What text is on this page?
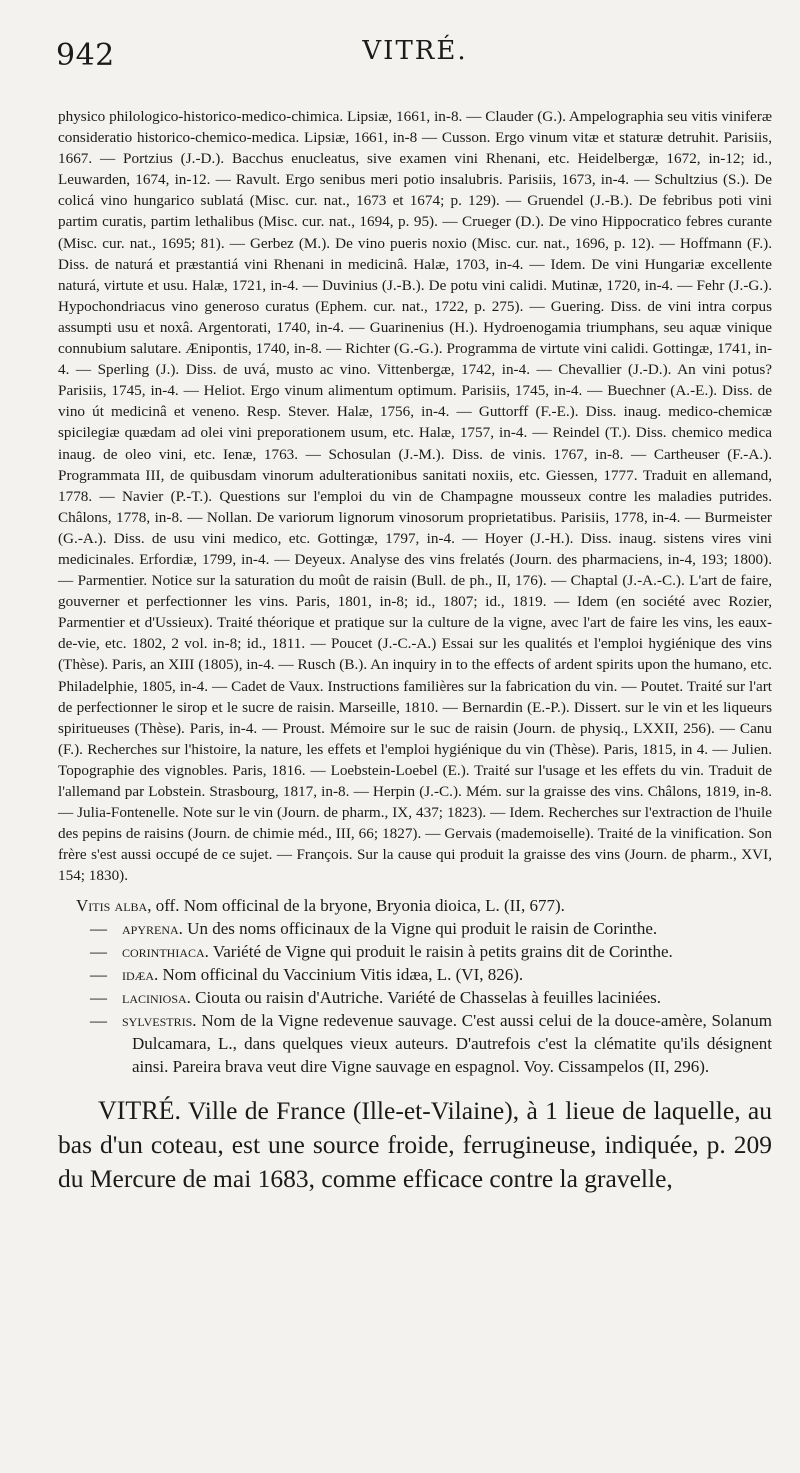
942	VITRÉ.

physico philologico-historico-medico-chimica. Lipsiæ, 1661, in-8. — Clauder (G.). Ampelographia seu vitis viniferæ consideratio historico-chemico-medica. Lipsiæ, 1661, in-8 — Cusson. Ergo vinum vitæ et staturæ detruhit. Parisiis, 1667. — Portzius (J.-D.). Bacchus enucleatus, sive examen vini Rhenani, etc. Heidelbergæ, 1672, in-12; id., Leuwarden, 1674, in-12. — Ravult. Ergo senibus meri potio insalubris. Parisiis, 1673, in-4. — Schultzius (S.). De colicá vino hungarico sublatá (Misc. cur. nat., 1673 et 1674; p. 129). — Gruendel (J.-B.). De febribus poti vini partim curatis, partim lethalibus (Misc. cur. nat., 1694, p. 95). — Crueger (D.). De vino Hippocratico febres curante (Misc. cur. nat., 1695; 81). — Gerbez (M.). De vino pueris noxio (Misc. cur. nat., 1696, p. 12). — Hoffmann (F.). Diss. de naturá et præstantiá vini Rhenani in medicinâ. Halæ, 1703, in-4. — Idem. De vini Hungariæ excellente naturá, virtute et usu. Halæ, 1721, in-4. — Duvinius (J.-B.). De potu vini calidi. Mutinæ, 1720, in-4. — Fehr (J.-G.). Hypochondriacus vino generoso curatus (Ephem. cur. nat., 1722, p. 275). — Guering. Diss. de vini intra corpus assumpti usu et noxâ. Argentorati, 1740, in-4. — Guarinenius (H.). Hydroenogamia triumphans, seu aquæ vinique connubium salutare. Ænipontis, 1740, in-8. — Richter (G.-G.). Programma de virtute vini calidi. Gottingæ, 1741, in-4. — Sperling (J.). Diss. de uvá, musto ac vino. Vittenbergæ, 1742, in-4. — Chevallier (J.-D.). An vini potus? Parisiis, 1745, in-4. — Heliot. Ergo vinum alimentum optimum. Parisiis, 1745, in-4. — Buechner (A.-E.). Diss. de vino út medicinâ et veneno. Resp. Stever. Halæ, 1756, in-4. — Guttorff (F.-E.). Diss. inaug. medico-chemicæ spicilegiæ quædam ad olei vini preporationem usum, etc. Halæ, 1757, in-4. — Reindel (T.). Diss. chemico medica inaug. de oleo vini, etc. Ienæ, 1763. — Schosulan (J.-M.). Diss. de vinis. 1767, in-8. — Cartheuser (F.-A.). Programmata III, de quibusdam vinorum adulterationibus sanitati noxiis, etc. Giessen, 1777. Traduit en allemand, 1778. — Navier (P.-T.). Questions sur l'emploi du vin de Champagne mousseux contre les maladies putrides. Châlons, 1778, in-8. — Nollan. De variorum lignorum vinosorum proprietatibus. Parisiis, 1778, in-4. — Burmeister (G.-A.). Diss. de usu vini medico, etc. Gottingæ, 1797, in-4. — Hoyer (J.-H.). Diss. inaug. sistens vires vini medicinales. Erfordiæ, 1799, in-4. — Deyeux. Analyse des vins frelatés (Journ. des pharmaciens, in-4, 193; 1800). — Parmentier. Notice sur la saturation du moût de raisin (Bull. de ph., II, 176). — Chaptal (J.-A.-C.). L'art de faire, gouverner et perfectionner les vins. Paris, 1801, in-8; id., 1807; id., 1819. — Idem (en société avec Rozier, Parmentier et d'Ussieux). Traité théorique et pratique sur la culture de la vigne, avec l'art de faire les vins, les eaux-de-vie, etc. 1802, 2 vol. in-8; id., 1811. — Poucet (J.-C.-A.) Essai sur les qualités et l'emploi hygiénique des vins (Thèse). Paris, an XIII (1805), in-4. — Rusch (B.). An inquiry in to the effects of ardent spirits upon the humano, etc. Philadelphie, 1805, in-4. — Cadet de Vaux. Instructions familières sur la fabrication du vin. — Poutet. Traité sur l'art de perfectionner le sirop et le sucre de raisin. Marseille, 1810. — Bernardin (E.-P.). Dissert. sur le vin et les liqueurs spiritueuses (Thèse). Paris, in-4. — Proust. Mémoire sur le suc de raisin (Journ. de physiq., LXXII, 256). — Canu (F.). Recherches sur l'histoire, la nature, les effets et l'emploi hygiénique du vin (Thèse). Paris, 1815, in 4. — Julien. Topographie des vignobles. Paris, 1816. — Loebstein-Loebel (E.). Traité sur l'usage et les effets du vin. Traduit de l'allemand par Lobstein. Strasbourg, 1817, in-8. — Herpin (J.-C.). Mém. sur la graisse des vins. Châlons, 1819, in-8. — Julia-Fontenelle. Note sur le vin (Journ. de pharm., IX, 437; 1823). — Idem. Recherches sur l'extraction de l'huile des pepins de raisins (Journ. de chimie méd., III, 66; 1827). — Gervais (mademoiselle). Traité de la vinification. Son frère s'est aussi occupé de ce sujet. — François. Sur la cause qui produit la graisse des vins (Journ. de pharm., XVI, 154; 1830).

Vitis alba, off. Nom officinal de la bryone, Bryonia dioica, L. (II, 677).

— apyrena. Un des noms officinaux de la Vigne qui produit le raisin de Corinthe.

— corinthiaca. Variété de Vigne qui produit le raisin à petits grains dit de Corinthe.

— idæa. Nom officinal du Vaccinium Vitis idæa, L. (VI, 826).

— laciniosa. Ciouta ou raisin d'Autriche. Variété de Chasselas à feuilles laciniées.

— sylvestris. Nom de la Vigne redevenue sauvage. C'est aussi celui de la douce-amère, Solanum Dulcamara, L., dans quelques vieux auteurs. D'autrefois c'est la clématite qu'ils désignent ainsi. Pareira brava veut dire Vigne sauvage en espagnol. Voy. Cissampelos (II, 296).

VITRÉ. Ville de France (Ille-et-Vilaine), à 1 lieue de laquelle, au bas d'un coteau, est une source froide, ferrugineuse, indiquée, p. 209 du Mercure de mai 1683, comme efficace contre la gravelle,
